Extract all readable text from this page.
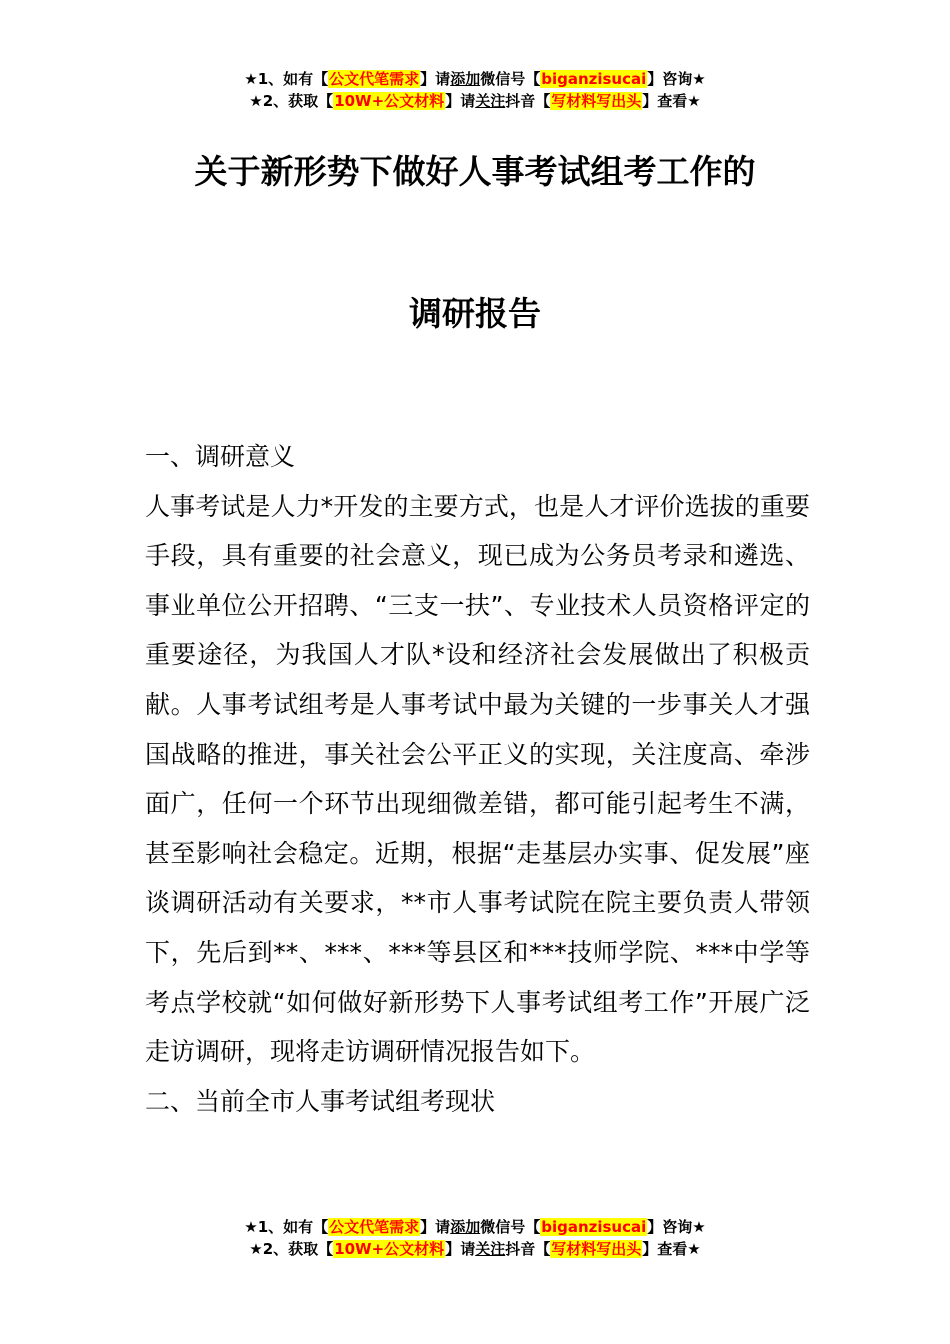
★1、如有【公文代笔需求】请添加微信号【biganzisucai】咨询★
★2、获取【10W+公文材料】请关注抖音【写材料写出头】查看★
关于新形势下做好人事考试组考工作的
调研报告

一、调研意义

人事考试是人力*开发的主要方式，也是人才评价选拔的重要手段，具有重要的社会意义，现已成为公务员考录和遴选、事业单位公开招聘、“三支一扶”、专业技术人员资格评定的重要途径，为我国人才队*设和经济社会发展做出了积极贡献。人事考试组考是人事考试中最为关键的一步事关人才强国战略的推进，事关社会公平正义的实现，关注度高、牵涉面广，任何一个环节出现细微差错，都可能引起考生不满，甚至影响社会稳定。近期，根据“走基层办实事、促发展”座谈调研活动有关要求，**市人事考试院在院主要负责人带领下，先后到**、***、***等县区和***技师学院、***中学等考点学校就“如何做好新形势下人事考试组考工作”开展广泛走访调研，现将走访调研情况报告如下。

二、当前全市人事考试组考现状

★1、如有【公文代笔需求】请添加微信号【biganzisucai】咨询★
★2、获取【10W+公文材料】请关注抖音【写材料写出头】查看★
